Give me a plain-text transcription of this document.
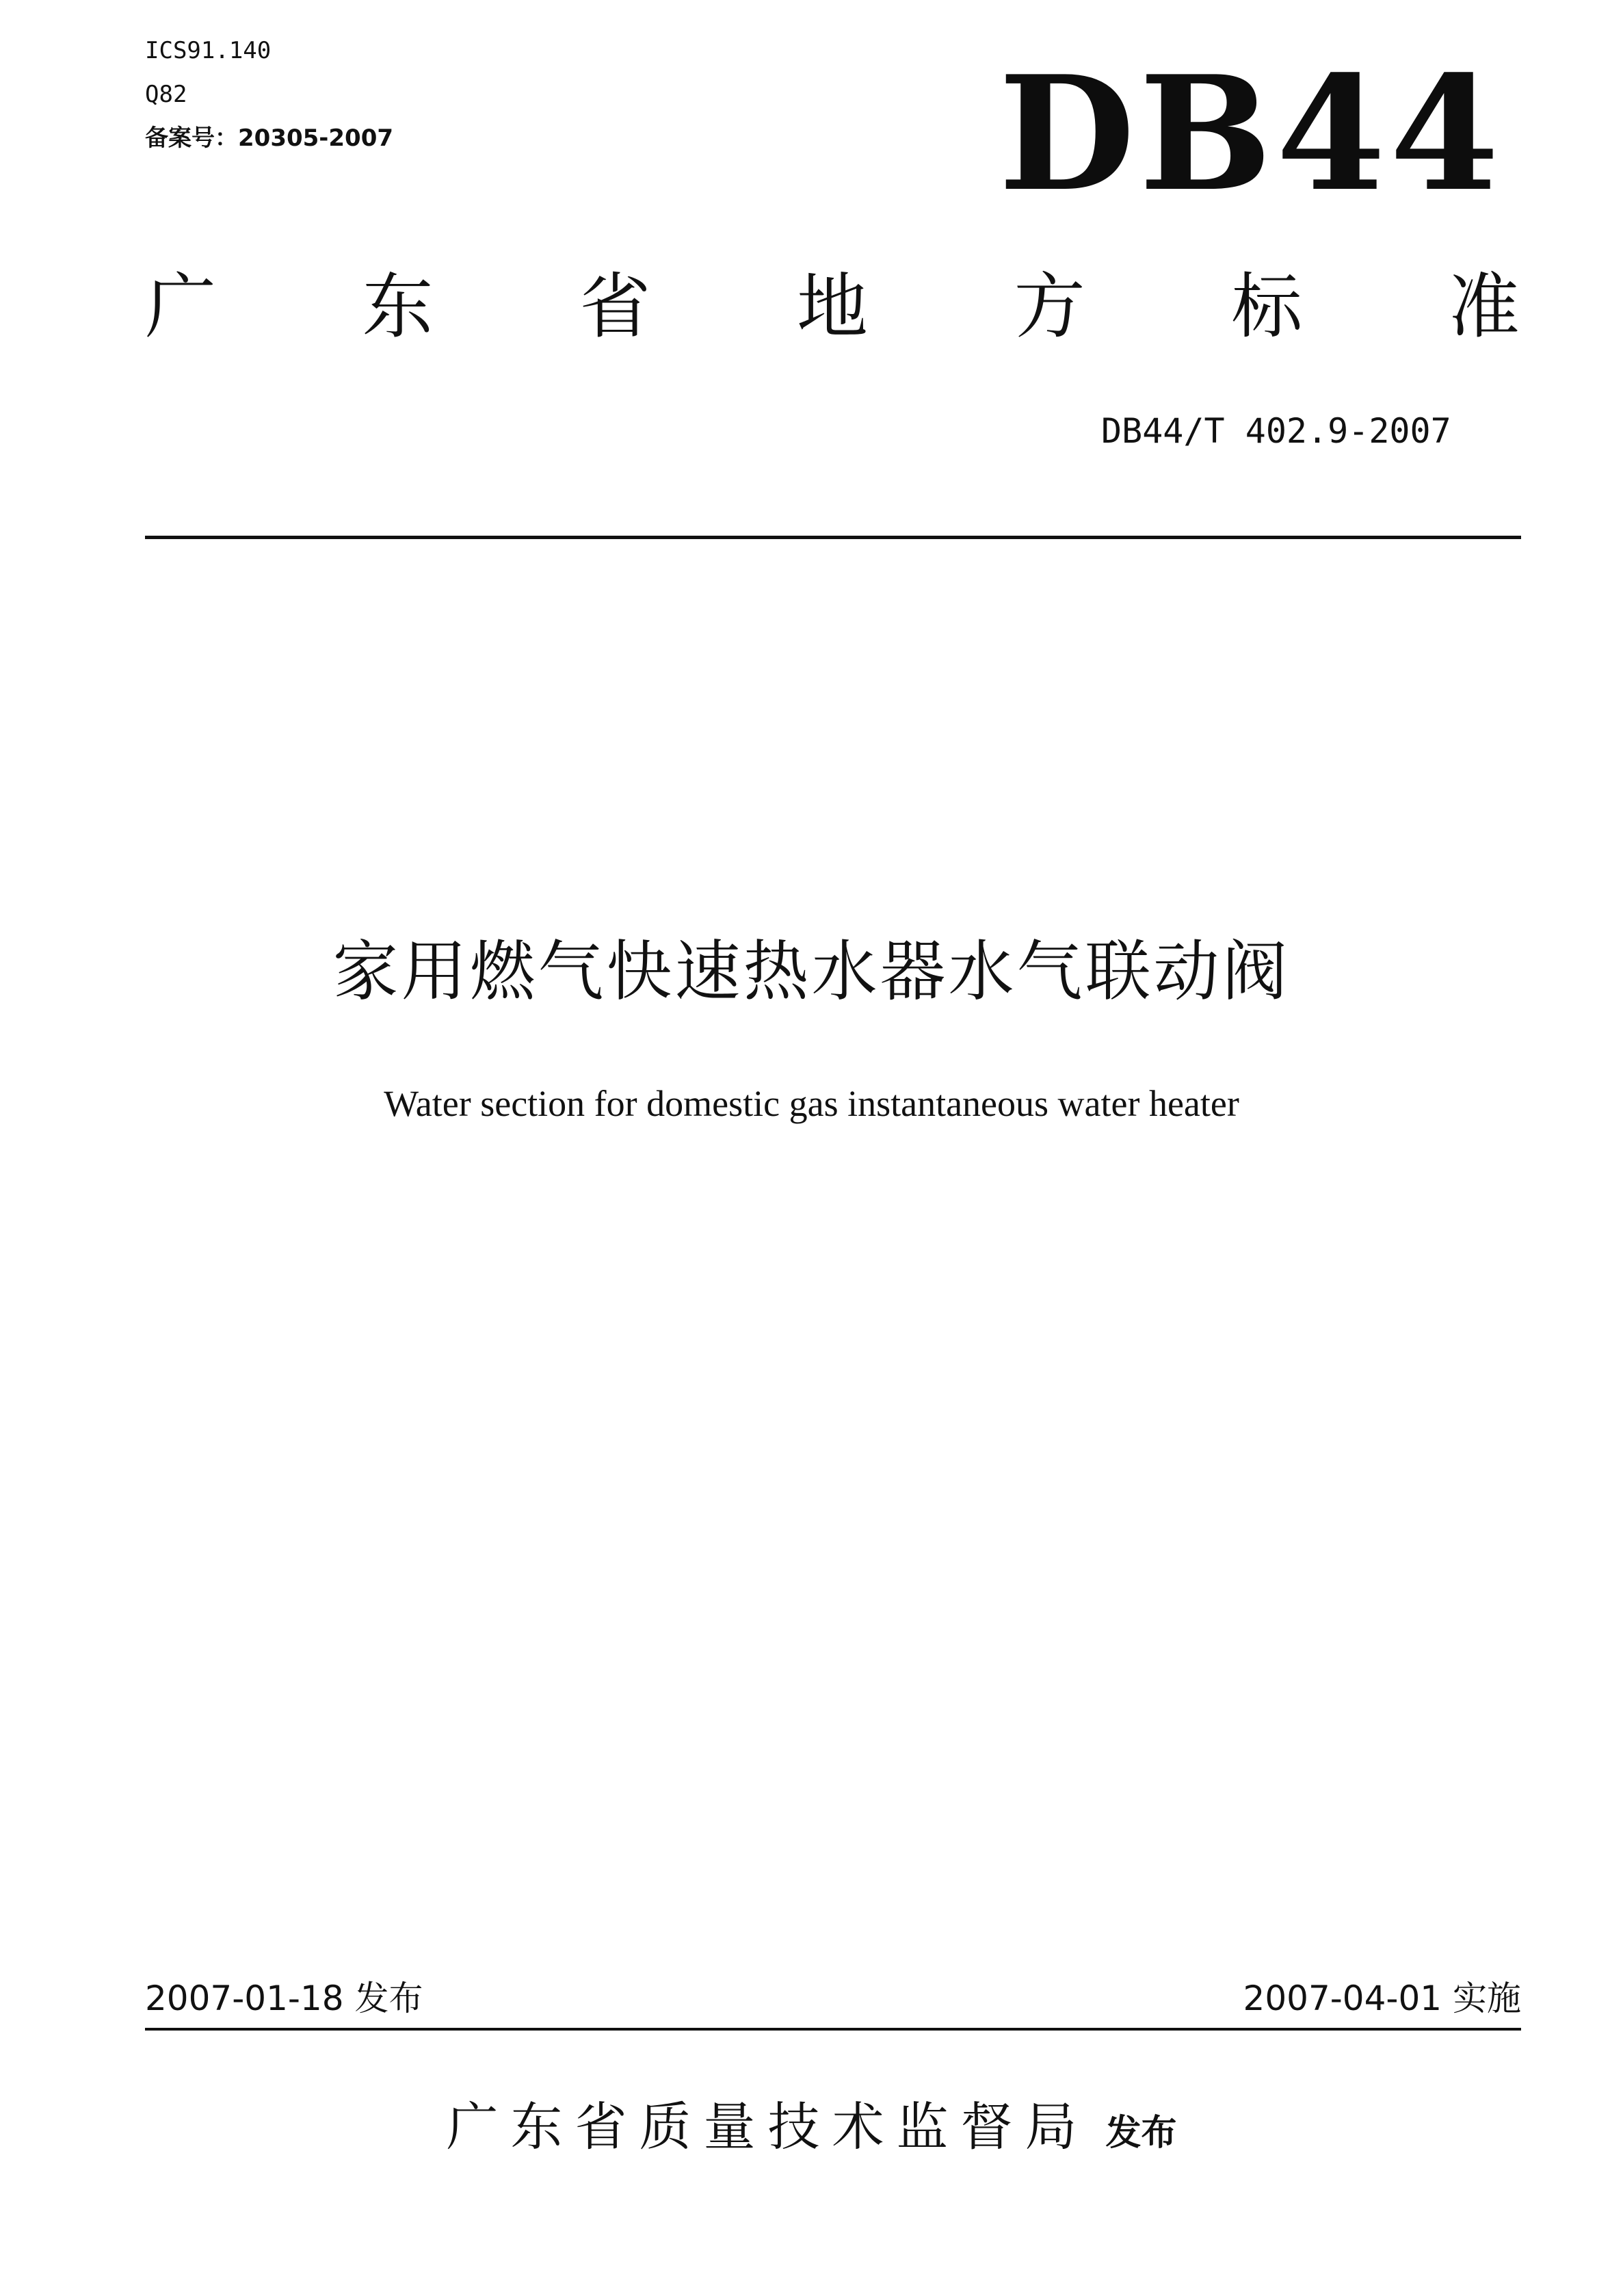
ICS91.140
Q82
备案号：20305-2007	DB44
广 东 省 地 方 标 准
DB44/T 402.9-2007
家用燃气快速热水器水气联动阀
Water section for domestic gas instantaneous water heater
2007-01-18 发布	2007-04-01 实施
广东省质量技术监督局 发布
